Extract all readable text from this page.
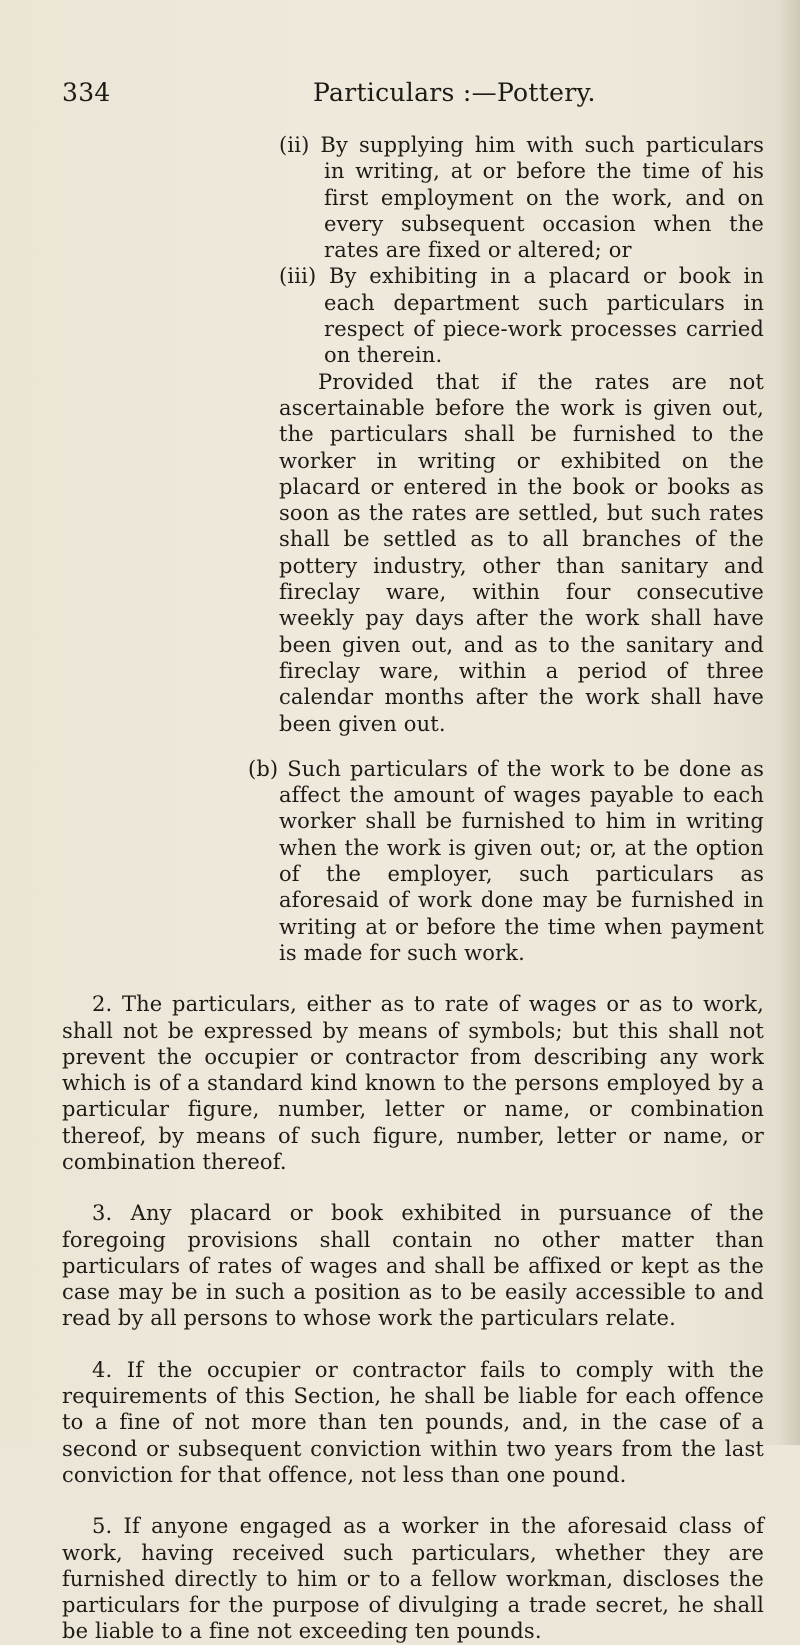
334	Particulars :—Pottery.

(ii) By supplying him with such particulars in writing, at or before the time of his first employment on the work, and on every subsequent occasion when the rates are fixed or altered; or

(iii) By exhibiting in a placard or book in each department such particulars in respect of piece-work processes carried on therein.

Provided that if the rates are not ascertainable before the work is given out, the particulars shall be furnished to the worker in writing or exhibited on the placard or entered in the book or books as soon as the rates are settled, but such rates shall be settled as to all branches of the pottery industry, other than sanitary and fireclay ware, within four consecutive weekly pay days after the work shall have been given out, and as to the sanitary and fireclay ware, within a period of three calendar months after the work shall have been given out.

(b) Such particulars of the work to be done as affect the amount of wages payable to each worker shall be furnished to him in writing when the work is given out; or, at the option of the employer, such particulars as aforesaid of work done may be furnished in writing at or before the time when payment is made for such work.

2. The particulars, either as to rate of wages or as to work, shall not be expressed by means of symbols; but this shall not prevent the occupier or contractor from describing any work which is of a standard kind known to the persons employed by a particular figure, number, letter or name, or combination thereof, by means of such figure, number, letter or name, or combination thereof.

3. Any placard or book exhibited in pursuance of the foregoing provisions shall contain no other matter than particulars of rates of wages and shall be affixed or kept as the case may be in such a position as to be easily accessible to and read by all persons to whose work the particulars relate.

4. If the occupier or contractor fails to comply with the requirements of this Section, he shall be liable for each offence to a fine of not more than ten pounds, and, in the case of a second or subsequent conviction within two years from the last conviction for that offence, not less than one pound.

5. If anyone engaged as a worker in the aforesaid class of work, having received such particulars, whether they are furnished directly to him or to a fellow workman, discloses the particulars for the purpose of divulging a trade secret, he shall be liable to a fine not exceeding ten pounds.
